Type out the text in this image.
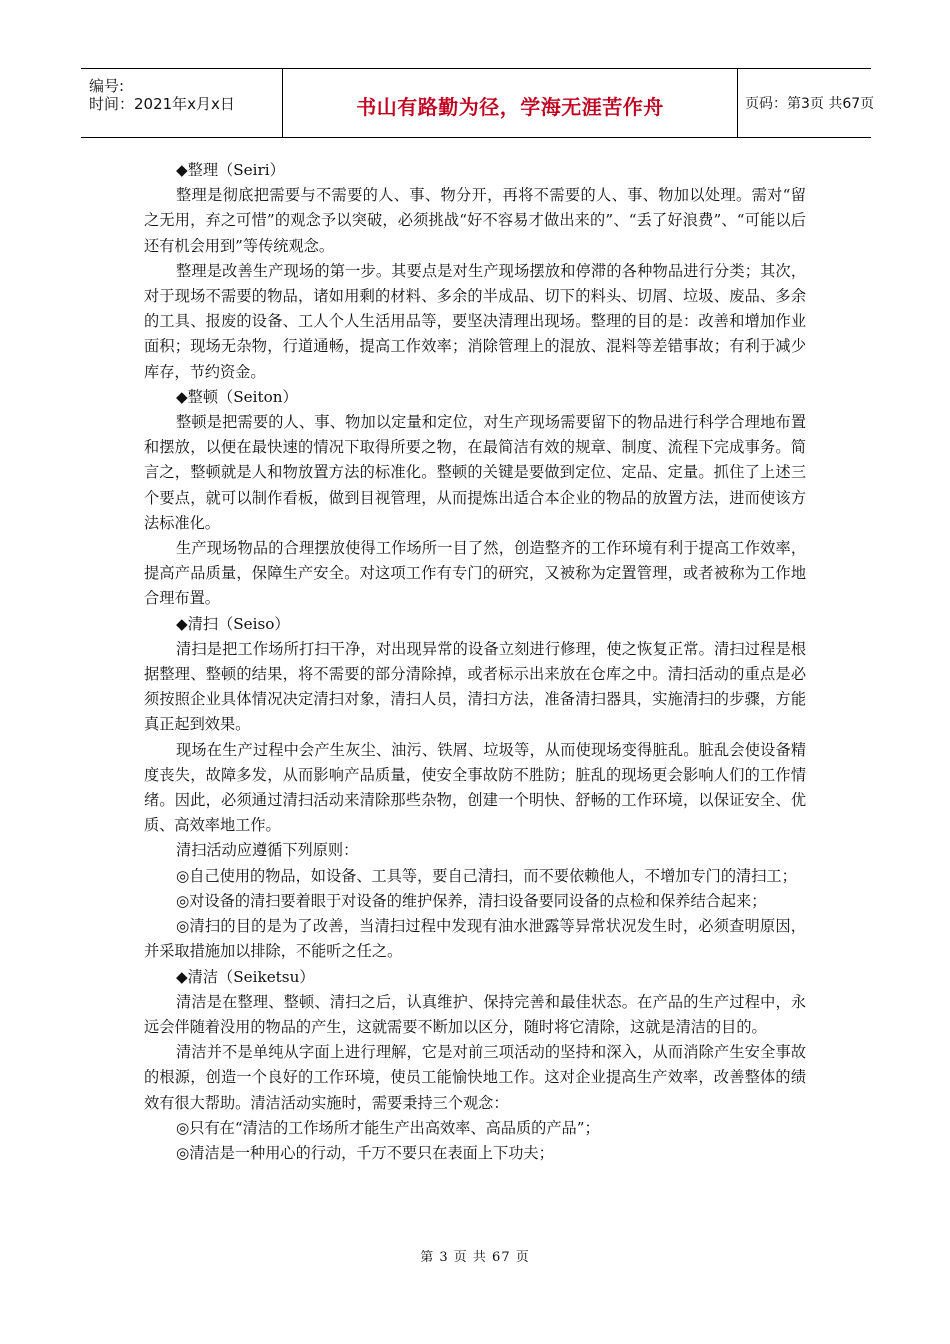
编号:
时间：2021年x月x日	书山有路勤为径，学海无涯苦作舟	页码：第3页 共67页

◆整理（Seiri）

整理是彻底把需要与不需要的人、事、物分开，再将不需要的人、事、物加以处理。需对“留之无用，弃之可惜”的观念予以突破，必须挑战“好不容易才做出来的”、“丢了好浪费”、“可能以后还有机会用到”等传统观念。

整理是改善生产现场的第一步。其要点是对生产现场摆放和停滞的各种物品进行分类；其次，对于现场不需要的物品，诸如用剩的材料、多余的半成品、切下的料头、切屑、垃圾、废品、多余的工具、报废的设备、工人个人生活用品等，要坚决清理出现场。整理的目的是：改善和增加作业面积；现场无杂物，行道通畅，提高工作效率；消除管理上的混放、混料等差错事故；有利于减少库存，节约资金。

◆整顿（Seiton）

整顿是把需要的人、事、物加以定量和定位，对生产现场需要留下的物品进行科学合理地布置和摆放，以便在最快速的情况下取得所要之物，在最简洁有效的规章、制度、流程下完成事务。简言之，整顿就是人和物放置方法的标准化。整顿的关键是要做到定位、定品、定量。抓住了上述三个要点，就可以制作看板，做到目视管理，从而提炼出适合本企业的物品的放置方法，进而使该方法标准化。

生产现场物品的合理摆放使得工作场所一目了然，创造整齐的工作环境有利于提高工作效率，提高产品质量，保障生产安全。对这项工作有专门的研究，又被称为定置管理，或者被称为工作地合理布置。

◆清扫（Seiso）

清扫是把工作场所打扫干净，对出现异常的设备立刻进行修理，使之恢复正常。清扫过程是根据整理、整顿的结果，将不需要的部分清除掉，或者标示出来放在仓库之中。清扫活动的重点是必须按照企业具体情况决定清扫对象，清扫人员，清扫方法，准备清扫器具，实施清扫的步骤，方能真正起到效果。

现场在生产过程中会产生灰尘、油污、铁屑、垃圾等，从而使现场变得脏乱。脏乱会使设备精度丧失，故障多发，从而影响产品质量，使安全事故防不胜防；脏乱的现场更会影响人们的工作情绪。因此，必须通过清扫活动来清除那些杂物，创建一个明快、舒畅的工作环境，以保证安全、优质、高效率地工作。

清扫活动应遵循下列原则：

◎自己使用的物品，如设备、工具等，要自己清扫，而不要依赖他人，不增加专门的清扫工；

◎对设备的清扫要着眼于对设备的维护保养，清扫设备要同设备的点检和保养结合起来；

◎清扫的目的是为了改善，当清扫过程中发现有油水泄露等异常状况发生时，必须查明原因，并采取措施加以排除，不能听之任之。

◆清洁（Seiketsu）

清洁是在整理、整顿、清扫之后，认真维护、保持完善和最佳状态。在产品的生产过程中，永远会伴随着没用的物品的产生，这就需要不断加以区分，随时将它清除，这就是清洁的目的。

清洁并不是单纯从字面上进行理解，它是对前三项活动的坚持和深入，从而消除产生安全事故的根源，创造一个良好的工作环境，使员工能愉快地工作。这对企业提高生产效率，改善整体的绩效有很大帮助。清洁活动实施时，需要秉持三个观念：

◎只有在“清洁的工作场所才能生产出高效率、高品质的产品”；

◎清洁是一种用心的行动，千万不要只在表面上下功夫；

第 3 页 共 67 页
